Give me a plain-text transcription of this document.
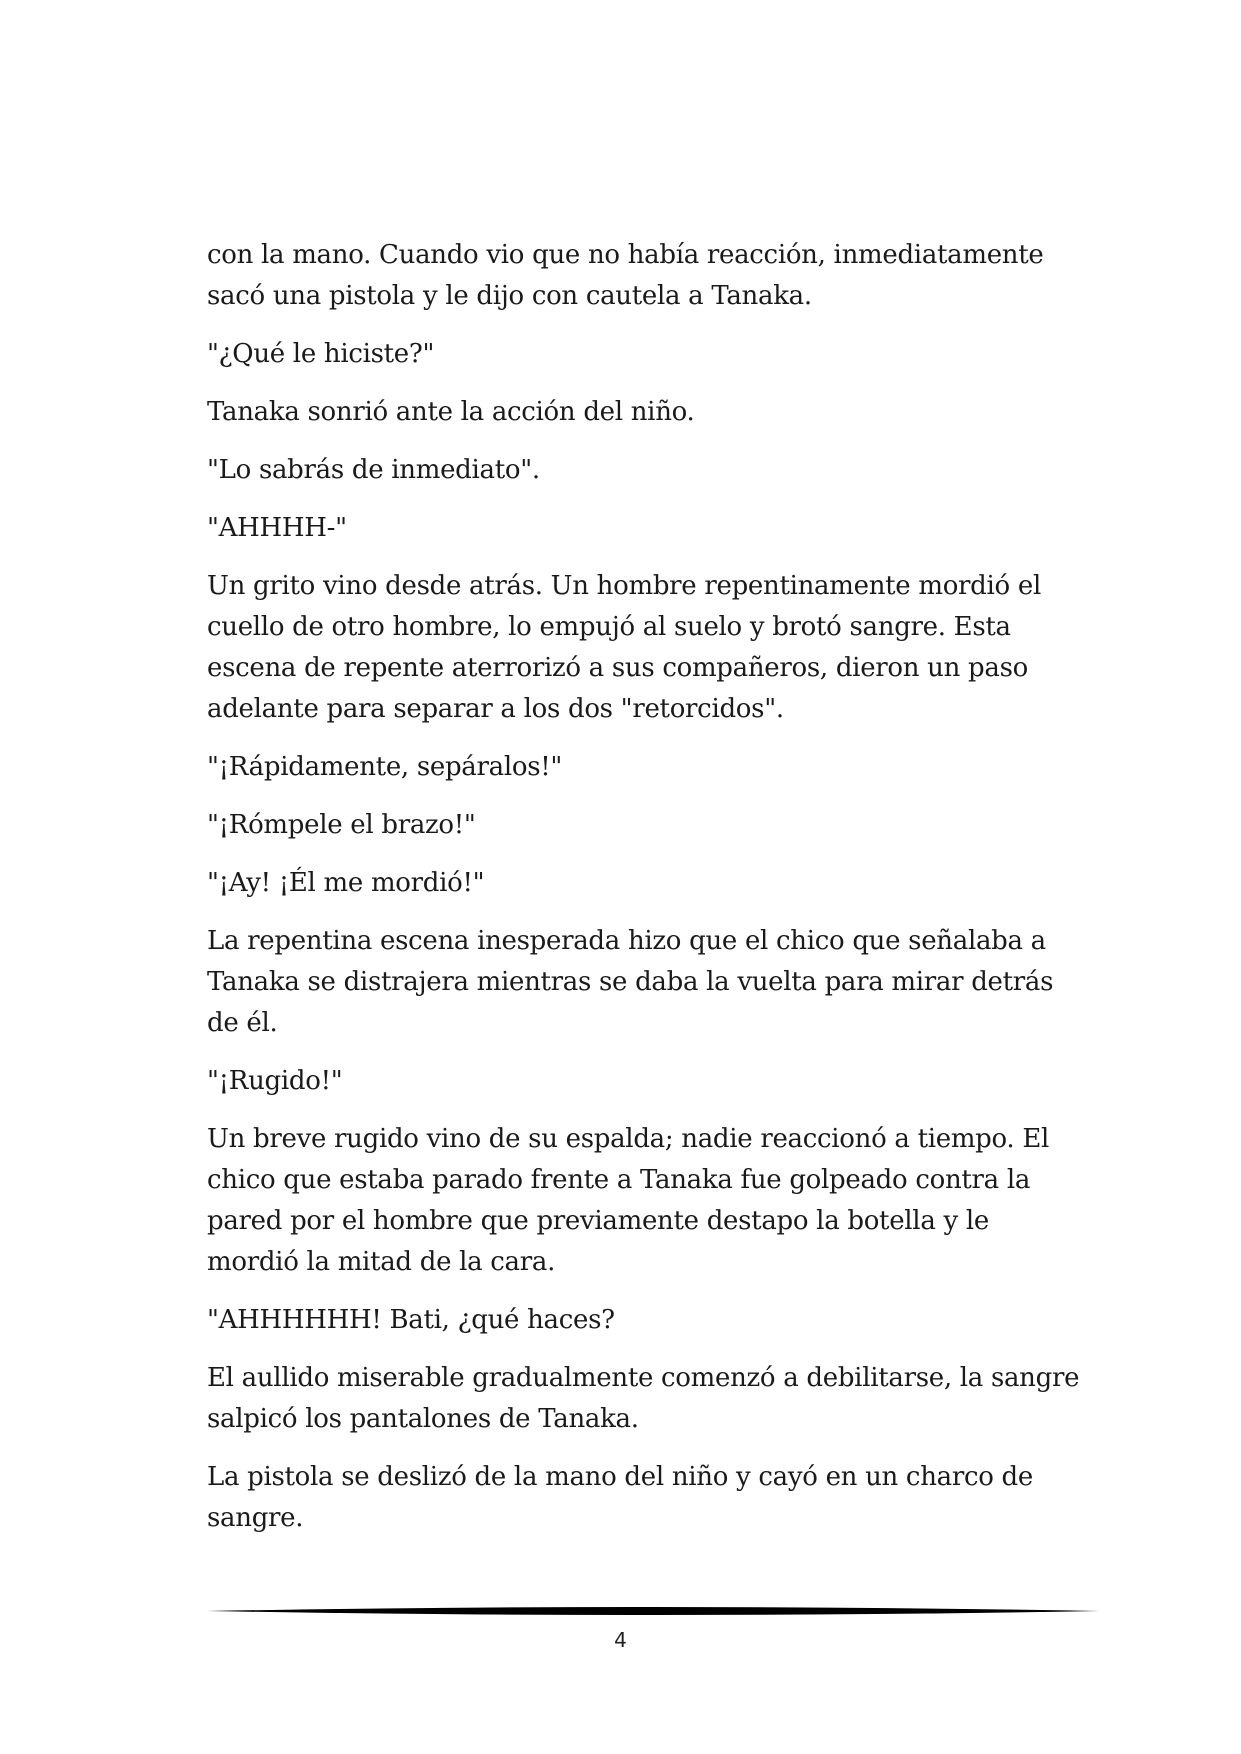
con la mano. Cuando vio que no había reacción, inmediatamente sacó una pistola y le dijo con cautela a Tanaka.

"¿Qué le hiciste?"

Tanaka sonrió ante la acción del niño.

"Lo sabrás de inmediato".

"AHHHH-"

Un grito vino desde atrás. Un hombre repentinamente mordió el cuello de otro hombre, lo empujó al suelo y brotó sangre. Esta escena de repente aterrorizó a sus compañeros, dieron un paso adelante para separar a los dos "retorcidos".

"¡Rápidamente, sepáralos!"

"¡Rómpele el brazo!"

"¡Ay! ¡Él me mordió!"

La repentina escena inesperada hizo que el chico que señalaba a Tanaka se distrajera mientras se daba la vuelta para mirar detrás de él.

"¡Rugido!"

Un breve rugido vino de su espalda; nadie reaccionó a tiempo. El chico que estaba parado frente a Tanaka fue golpeado contra la pared por el hombre que previamente destapo la botella y le mordió la mitad de la cara.

"AHHHHHH! Bati, ¿qué haces?

El aullido miserable gradualmente comenzó a debilitarse, la sangre salpicó los pantalones de Tanaka.

La pistola se deslizó de la mano del niño y cayó en un charco de sangre.

4
